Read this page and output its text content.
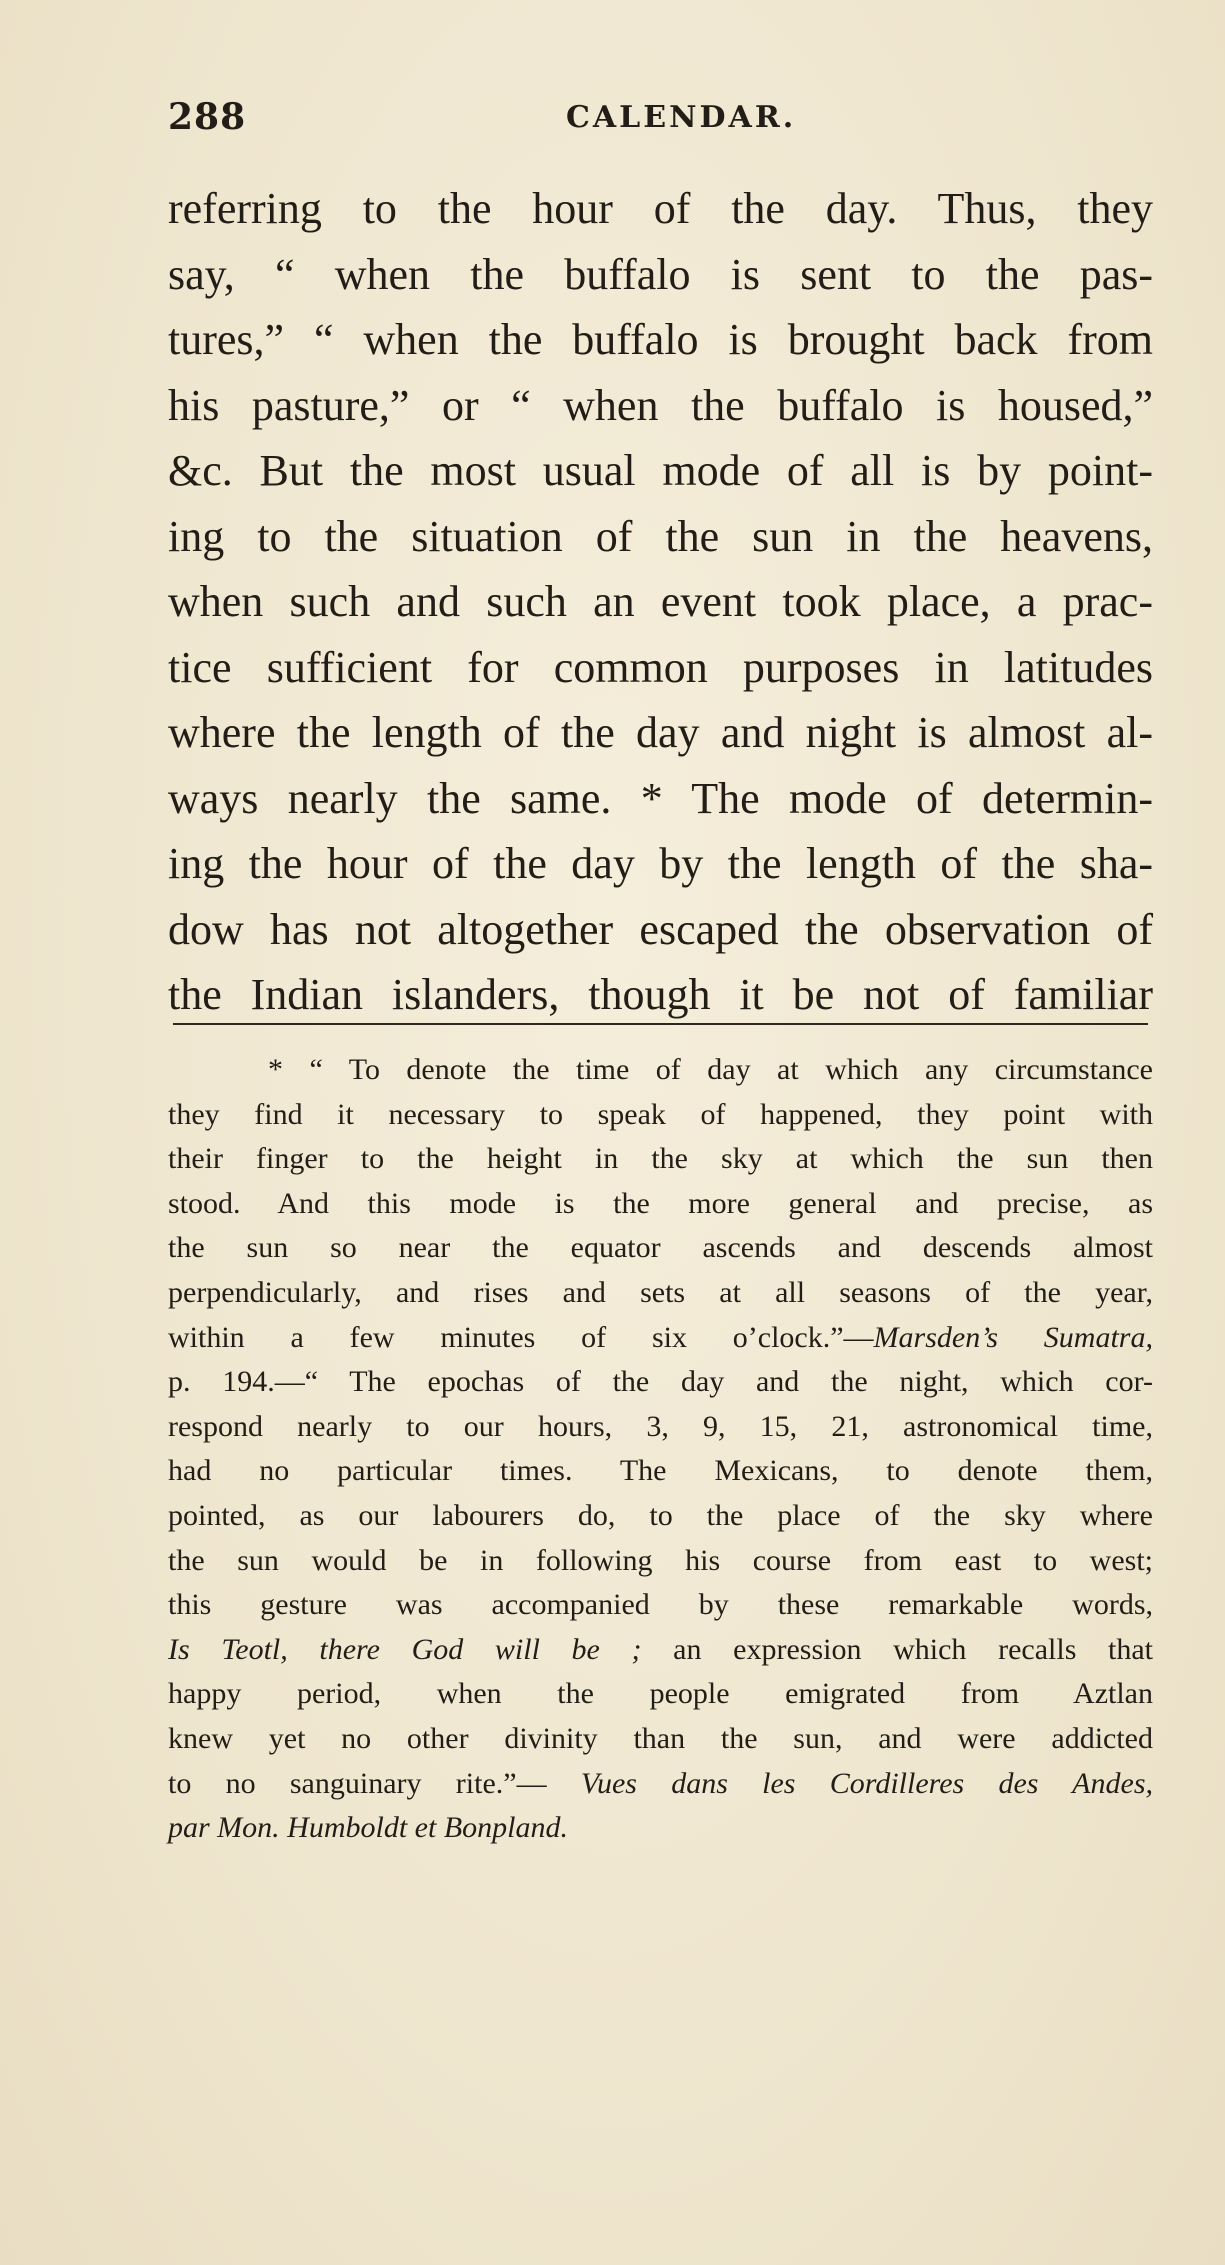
288	CALENDAR.
referring to the hour of the day. Thus, they
say, “ when the buffalo is sent to the pas-
tures,” “ when the buffalo is brought back from
his pasture,” or “ when the buffalo is housed,”
&c. But the most usual mode of all is by point-
ing to the situation of the sun in the heavens,
when such and such an event took place, a prac-
tice sufficient for common purposes in latitudes
where the length of the day and night is almost al-
ways nearly the same. * The mode of determin-
ing the hour of the day by the length of the sha-
dow has not altogether escaped the observation of
the Indian islanders, though it be not of familiar
* “ To denote the time of day at which any circumstance
they find it necessary to speak of happened, they point with
their finger to the height in the sky at which the sun then
stood. And this mode is the more general and precise, as
the sun so near the equator ascends and descends almost
perpendicularly, and rises and sets at all seasons of the year,
within a few minutes of six o’clock.”—Marsden’s Sumatra,
p. 194.—“ The epochas of the day and the night, which cor-
respond nearly to our hours, 3, 9, 15, 21, astronomical time,
had no particular times. The Mexicans, to denote them,
pointed, as our labourers do, to the place of the sky where
the sun would be in following his course from east to west;
this gesture was accompanied by these remarkable words,
Is Teotl, there God will be ; an expression which recalls that
happy period, when the people emigrated from Aztlan
knew yet no other divinity than the sun, and were addicted
to no sanguinary rite.”— Vues dans les Cordilleres des Andes,
par Mon. Humboldt et Bonpland.
